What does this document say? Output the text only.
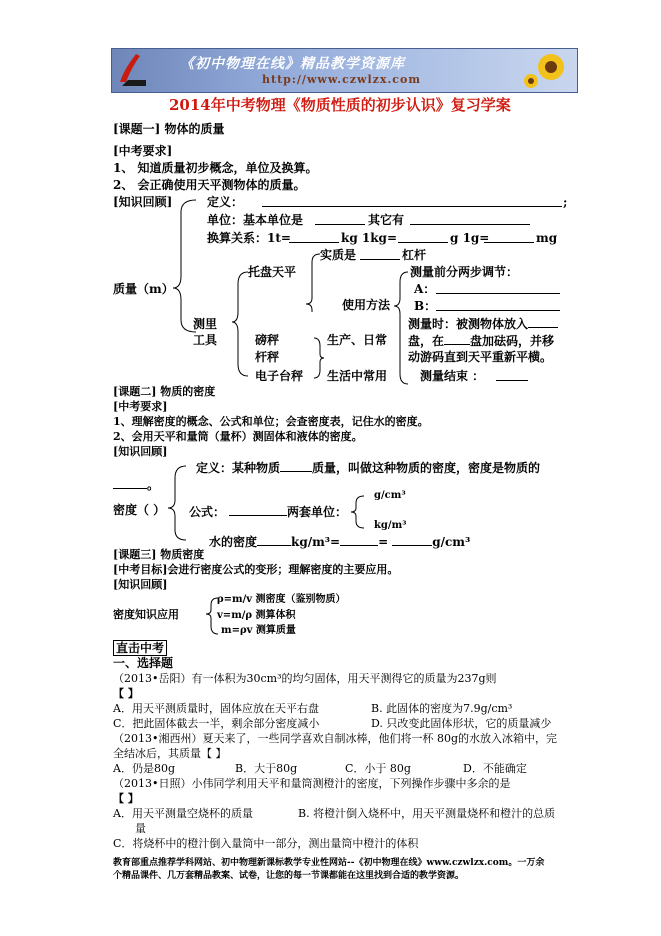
《初中物理在线》精品教学资源库
http://www.czwlzx.com
2014年中考物理《物质性质的初步认识》复习学案
[课题一] 物体的质量
[中考要求]
1、 知道质量初步概念，单位及换算。
2、 会正确使用天平测物体的质量。
[知识回顾]	定义：	;
单位：基本单位是	其它有
换算关系：1t=	kg 1kg=	g 1g=	mg
质量（m）
托盘天平
实质是	杠杆
使用方法
测量前分两步调节：
A：
B：
测量时：被测物体放入
盘，在 盘加砝码，并移
动游码直到天平重新平横。
测量结束 ：
测里
工具	磅秤
杆秤
电子台秤
生产、日常
生活中常用
[课题二] 物质的密度
[中考要求]
1、理解密度的概念、公式和单位；会查密度表，记住水的密度。
2、会用天平和量筒（量杯）测固体和液体的密度。
[知识回顾]
定义：某种物质	质量，叫做这种物质的密度，密度是物质的
。
密度（ ） 公式：	两套单位：
g/cm³
kg/m³
水的密度	kg/m³=	=	g/cm³
[课题三] 物质密度
[中考目标]会进行密度公式的变形；理解密度的主要应用。
[知识回顾]
密度知识应用
ρ=m/v 测密度（鉴别物质）
v=m/ρ 测算体积
m=ρv 测算质量
直击中考
一、选择题
（2013•岳阳）有一体积为30cm³的均匀固体，用天平测得它的质量为237g则
【 】
A．用天平测质量时，固体应放在天平右盘	B. 此固体的密度为7.9g/cm³
C．把此固体截去一半，剩余部分密度减小	D. 只改变此固体形状，它的质量减少
（2013•湘西州）夏天来了，一些同学喜欢自制冰棒，他们将一杯 80g的水放入冰箱中，完
全结冰后，其质量【 】
A．仍是80g	B．大于80g	C．小于 80g	D．不能确定
（2013•日照）小伟同学利用天平和量筒测橙汁的密度，下列操作步骤中多余的是
【 】
A．用天平测量空烧杯的质量	B. 将橙汁倒入烧杯中，用天平测量烧杯和橙汁的总质
量
C．将烧杯中的橙汁倒入量筒中一部分，测出量筒中橙汁的体积
教育部重点推荐学科网站、初中物理新课标教学专业性网站--《初中物理在线》www.czwlzx.com。一万余
个精品课件、几万套精品教案、试卷，让您的每一节课都能在这里找到合适的教学资源。
